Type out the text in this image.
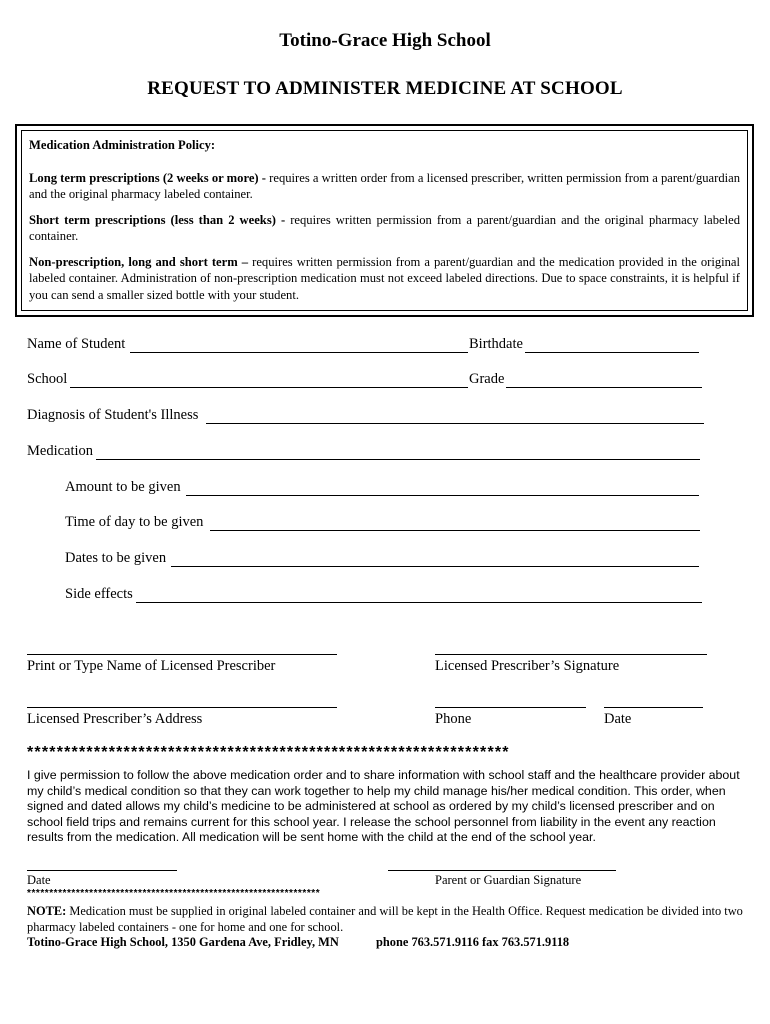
Totino-Grace High School
REQUEST TO ADMINISTER MEDICINE AT SCHOOL

Medication Administration Policy:

Long term prescriptions (2 weeks or more) - requires a written order from a licensed prescriber, written permission from a parent/guardian and the original pharmacy labeled container.

Short term prescriptions (less than 2 weeks) - requires written permission from a parent/guardian and the original pharmacy labeled container.

Non-prescription, long and short term – requires written permission from a parent/guardian and the medication provided in the original labeled container. Administration of non-prescription medication must not exceed labeled directions. Due to space constraints, it is helpful if you can send a smaller sized bottle with your student.

Name of Student	Birthdate
School	Grade
Diagnosis of Student's Illness
Medication
Amount to be given
Time of day to be given
Dates to be given
Side effects
Print or Type Name of Licensed Prescriber	Licensed Prescriber’s Signature
Licensed Prescriber’s Address	Phone	Date
*****************************************************************
I give permission to follow the above medication order and to share information with school staff and the healthcare provider about my child’s medical condition so that they can work together to help my child manage his/her medical condition. This order, when signed and dated allows my child’s medicine to be administered at school as ordered by my child’s licensed prescriber and on school field trips and remains current for this school year. I release the school personnel from liability in the event any reaction results from the medication. All medication will be sent home with the child at the end of the school year.
Date	Parent or Guardian Signature
******************************************************************
NOTE: Medication must be supplied in original labeled container and will be kept in the Health Office. Request medication be divided into two pharmacy labeled containers - one for home and one for school.
Totino-Grace High School, 1350 Gardena Ave, Fridley, MN	phone 763.571.9116 fax 763.571.9118
